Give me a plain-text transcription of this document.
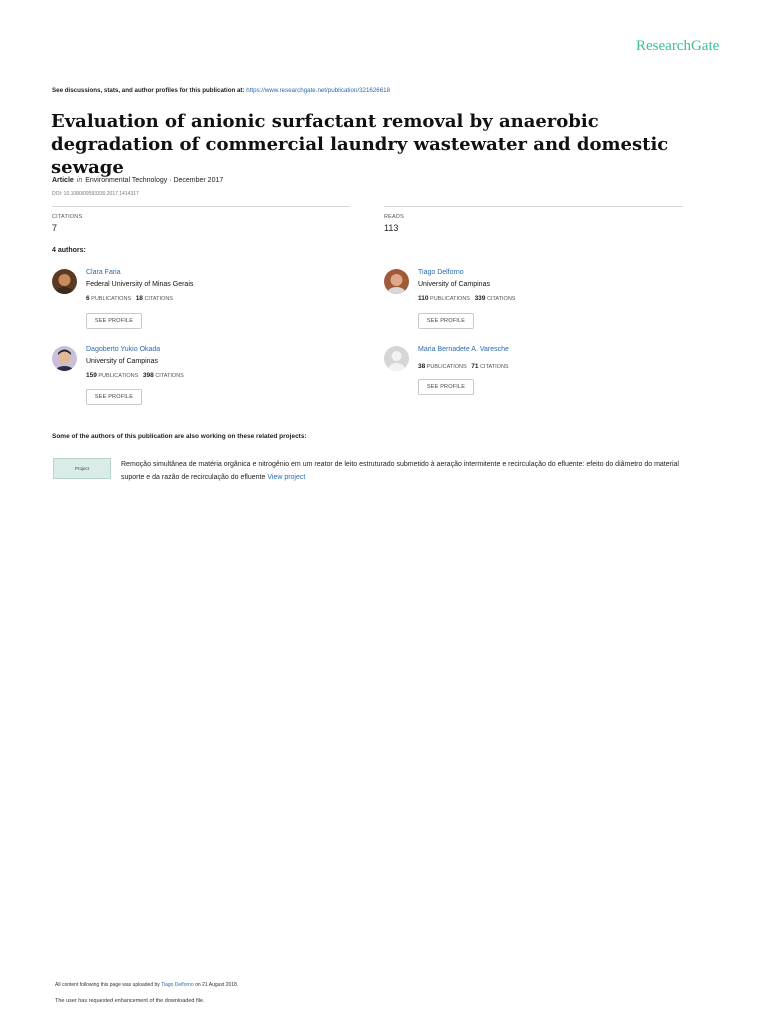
ResearchGate
See discussions, stats, and author profiles for this publication at: https://www.researchgate.net/publication/321626618
Evaluation of anionic surfactant removal by anaerobic degradation of commercial laundry wastewater and domestic sewage
Article in Environmental Technology · December 2017
DOI: 10.1080/09593330.2017.1414317
CITATIONS
7
READS
113
4 authors:
Clara Faria
Federal University of Minas Gerais
6 PUBLICATIONS 18 CITATIONS
SEE PROFILE
Tiago Delforno
University of Campinas
110 PUBLICATIONS 339 CITATIONS
SEE PROFILE
Dagoberto Yukio Okada
University of Campinas
159 PUBLICATIONS 398 CITATIONS
SEE PROFILE
Maria Bernadete A. Varesche
38 PUBLICATIONS 71 CITATIONS
SEE PROFILE
Some of the authors of this publication are also working on these related projects:
Project
Remoção simultânea de matéria orgânica e nitrogênio em um reator de leito estruturado submetido à aeração intermitente e recirculação do efluente: efeito do diâmetro do material suporte e da razão de recirculação do efluente View project
All content following this page was uploaded by Tiago Delforno on 21 August 2018.
The user has requested enhancement of the downloaded file.
